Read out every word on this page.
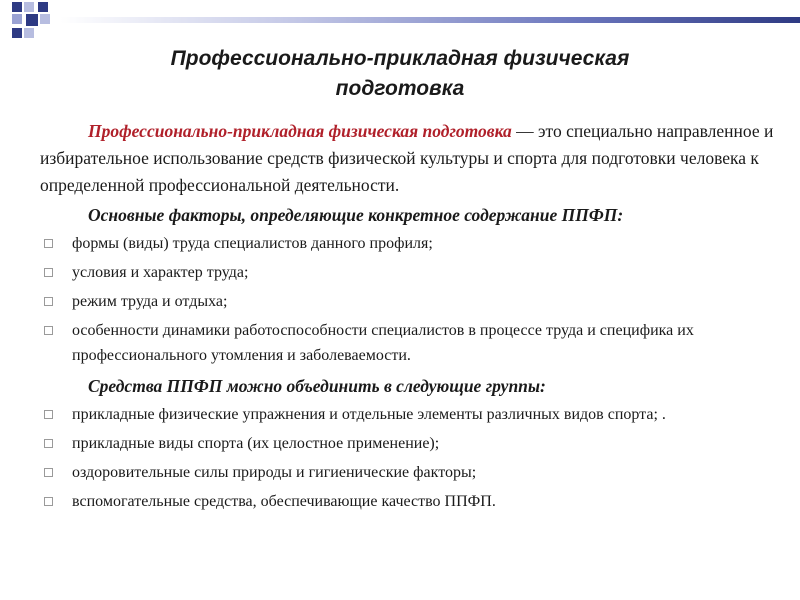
Профессионально-прикладная физическая
подготовка

Профессионально-прикладная физическая подготовка — это специально направленное и избирательное использование средств физической культуры и спорта для подготовки человека к определенной профессиональной деятельности.

Основные факторы, определяющие конкретное содержание ППФП:
формы (виды) труда специалистов данного профиля;
условия и характер труда;
режим труда и отдыха;
особенности динамики работоспособности специалистов в процессе труда и специфика их профессионального утомления и заболеваемости.
Средства ППФП можно объединить в следующие группы:
прикладные физические упражнения и отдельные элементы различных видов спорта; .
прикладные виды спорта (их целостное применение);
оздоровительные силы природы и гигиенические факторы;
вспомогательные средства, обеспечивающие качество ППФП.
